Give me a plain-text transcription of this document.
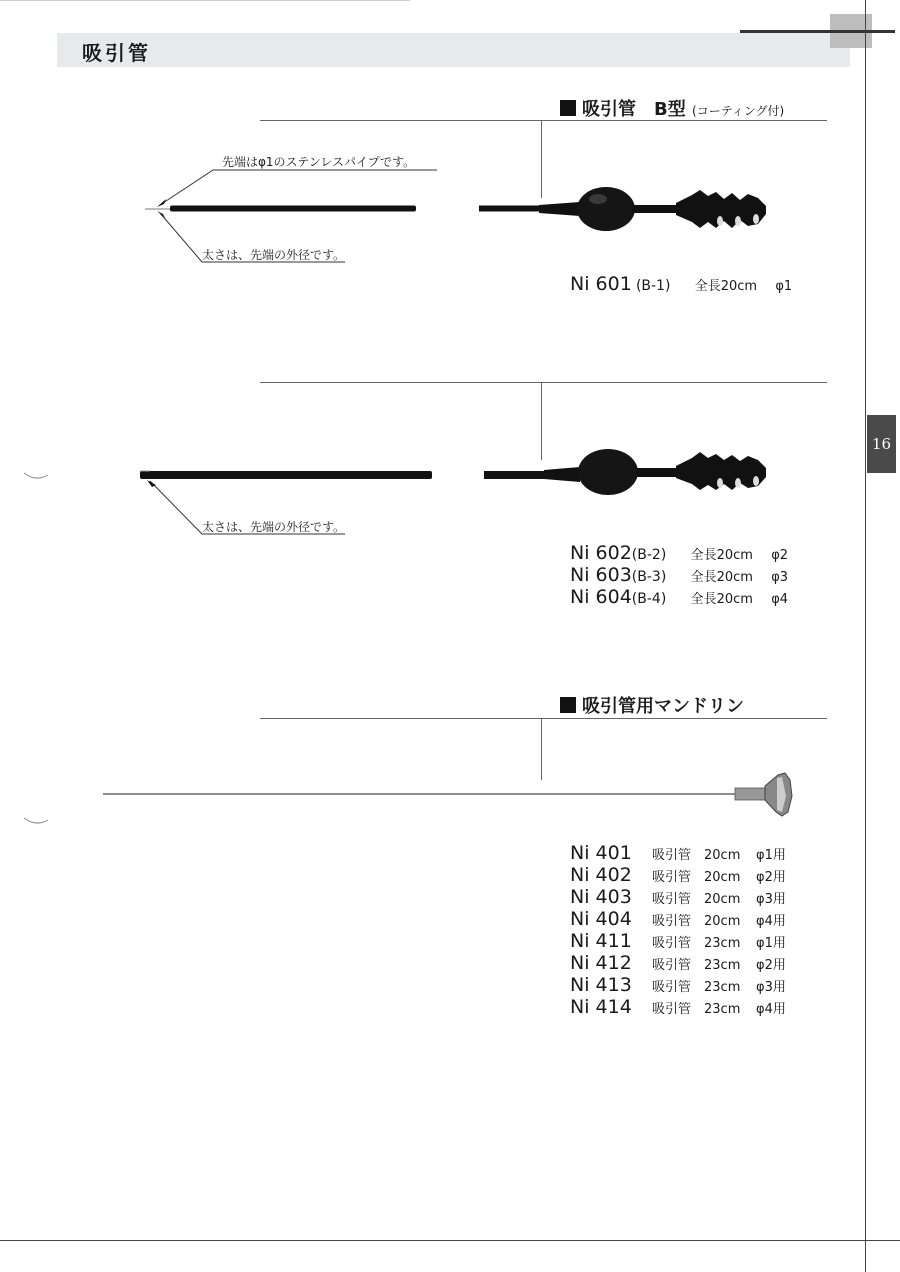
吸引管
16
吸引管　B型 (コーティング付)
先端はφ1のステンレスパイプです。
太さは、先端の外径です。
Ni 601 (B-1) 全長20cm φ1
太さは、先端の外径です。
Ni 602(B-2) 全長20cm φ2
Ni 603(B-3) 全長20cm φ3
Ni 604(B-4) 全長20cm φ4
吸引管用マンドリン
Ni 401 吸引管 20cm φ1用
Ni 402 吸引管 20cm φ2用
Ni 403 吸引管 20cm φ3用
Ni 404 吸引管 20cm φ4用
Ni 411 吸引管 23cm φ1用
Ni 412 吸引管 23cm φ2用
Ni 413 吸引管 23cm φ3用
Ni 414 吸引管 23cm φ4用
